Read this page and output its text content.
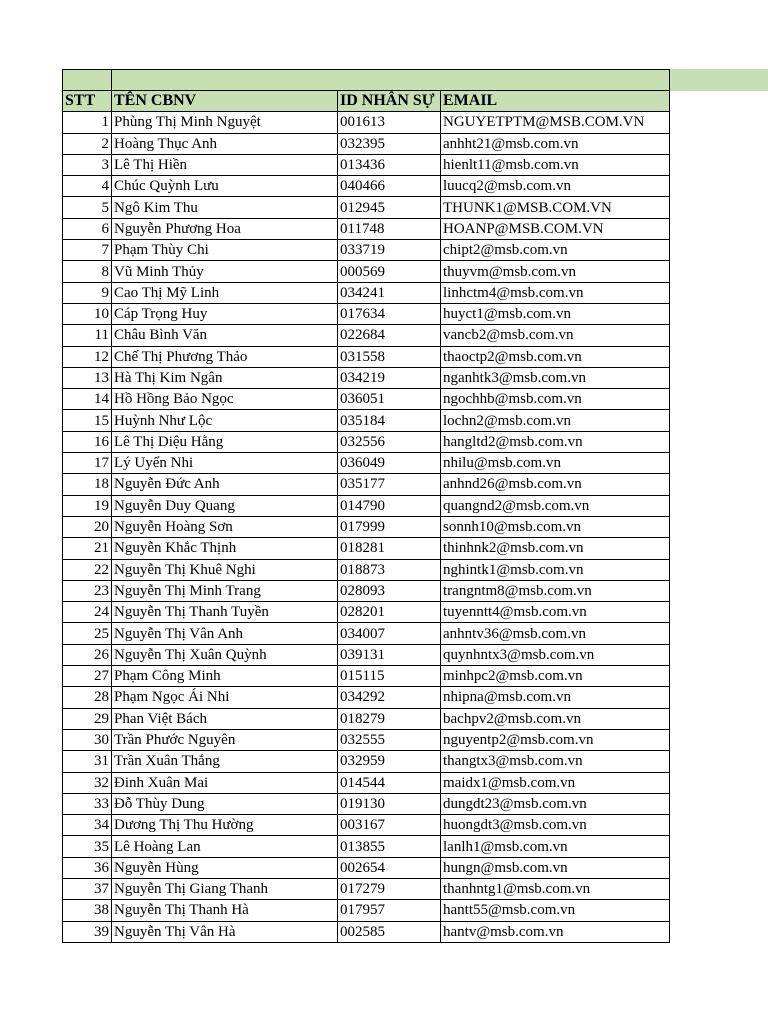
STT	TÊN CBNV	ID NHÂN SỰ	EMAIL
1	Phùng Thị Minh Nguyệt	001613	NGUYETPTM@MSB.COM.VN
2	Hoàng Thục Anh	032395	anhht21@msb.com.vn
3	Lê Thị Hiền	013436	hienlt11@msb.com.vn
4	Chúc Quỳnh Lưu	040466	luucq2@msb.com.vn
5	Ngô Kim Thu	012945	THUNK1@MSB.COM.VN
6	Nguyễn Phương Hoa	011748	HOANP@MSB.COM.VN
7	Phạm Thùy Chi	033719	chipt2@msb.com.vn
8	Vũ Minh Thủy	000569	thuyvm@msb.com.vn
9	Cao Thị Mỹ Linh	034241	linhctm4@msb.com.vn
10	Cáp Trọng Huy	017634	huyct1@msb.com.vn
11	Châu Bình Văn	022684	vancb2@msb.com.vn
12	Chế Thị Phương Thảo	031558	thaoctp2@msb.com.vn
13	Hà Thị Kim Ngân	034219	nganhtk3@msb.com.vn
14	Hồ Hồng Bảo Ngọc	036051	ngochhb@msb.com.vn
15	Huỳnh Như Lộc	035184	lochn2@msb.com.vn
16	Lê Thị Diệu Hằng	032556	hangltd2@msb.com.vn
17	Lý Uyển Nhi	036049	nhilu@msb.com.vn
18	Nguyễn Đức Anh	035177	anhnd26@msb.com.vn
19	Nguyễn Duy Quang	014790	quangnd2@msb.com.vn
20	Nguyễn Hoàng Sơn	017999	sonnh10@msb.com.vn
21	Nguyễn Khắc Thịnh	018281	thinhnk2@msb.com.vn
22	Nguyễn Thị Khuê Nghi	018873	nghintk1@msb.com.vn
23	Nguyễn Thị Minh Trang	028093	trangntm8@msb.com.vn
24	Nguyễn Thị Thanh Tuyền	028201	tuyenntt4@msb.com.vn
25	Nguyễn Thị Vân Anh	034007	anhntv36@msb.com.vn
26	Nguyễn Thị Xuân Quỳnh	039131	quynhntx3@msb.com.vn
27	Phạm Công Minh	015115	minhpc2@msb.com.vn
28	Phạm Ngọc Ái Nhi	034292	nhipna@msb.com.vn
29	Phan Việt Bách	018279	bachpv2@msb.com.vn
30	Trần Phước Nguyên	032555	nguyentp2@msb.com.vn
31	Trần Xuân Thắng	032959	thangtx3@msb.com.vn
32	Đinh Xuân Mai	014544	maidx1@msb.com.vn
33	Đỗ Thùy Dung	019130	dungdt23@msb.com.vn
34	Dương Thị Thu Hường	003167	huongdt3@msb.com.vn
35	Lê Hoàng Lan	013855	lanlh1@msb.com.vn
36	Nguyễn Hùng	002654	hungn@msb.com.vn
37	Nguyễn Thị Giang Thanh	017279	thanhntg1@msb.com.vn
38	Nguyễn Thị Thanh Hà	017957	hantt55@msb.com.vn
39	Nguyễn Thị Vân Hà	002585	hantv@msb.com.vn
